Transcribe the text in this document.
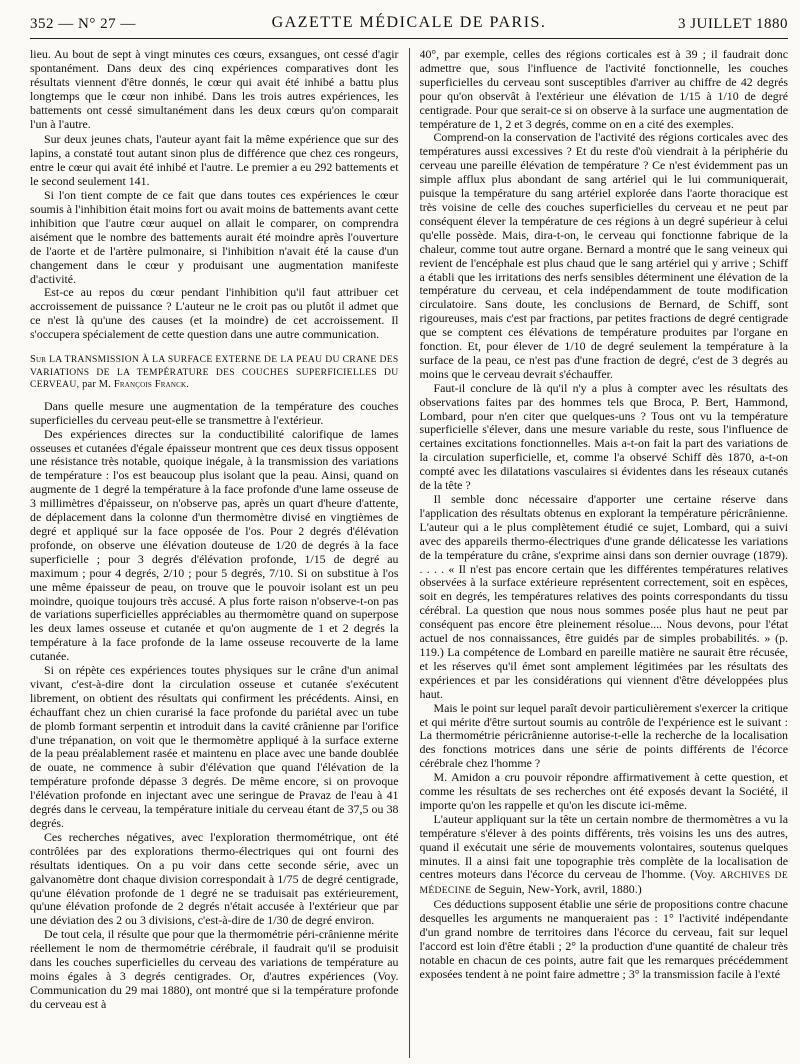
352 — N° 27 —	GAZETTE MÉDICALE DE PARIS.	3 JUILLET 1880

lieu. Au bout de sept à vingt minutes ces cœurs, exsangues, ont cessé d'agir spontanément. Dans deux des cinq expériences comparatives dont les résultats viennent d'être donnés, le cœur qui avait été inhibé a battu plus longtemps que le cœur non inhibé. Dans les trois autres expériences, les battements ont cessé simultanément dans les deux cœurs qu'on comparait l'un à l'autre.

Sur deux jeunes chats, l'auteur ayant fait la même expérience que sur des lapins, a constaté tout autant sinon plus de différence que chez ces rongeurs, entre le cœur qui avait été inhibé et l'autre. Le premier a eu 292 battements et le second seulement 141.

Si l'on tient compte de ce fait que dans toutes ces expériences le cœur soumis à l'inhibition était moins fort ou avait moins de battements avant cette inhibition que l'autre cœur auquel on allait le comparer, on comprendra aisément que le nombre des battements aurait été moindre après l'ouverture de l'aorte et de l'artère pulmonaire, si l'inhibition n'avait été la cause d'un changement dans le cœur y produisant une augmentation manifeste d'activité.

Est-ce au repos du cœur pendant l'inhibition qu'il faut attribuer cet accroissement de puissance ? L'auteur ne le croit pas ou plutôt il admet que ce n'est là qu'une des causes (et la moindre) de cet accroissement. Il s'occupera spécialement de cette question dans une autre communication.

Sur LA TRANSMISSION À LA SURFACE EXTERNE DE LA PEAU DU CRANE DES VARIATIONS DE LA TEMPÉRATURE DES COUCHES SUPERFICIELLES DU CERVEAU, par M. François Franck.

Dans quelle mesure une augmentation de la température des couches superficielles du cerveau peut-elle se transmettre à l'extérieur.

Des expériences directes sur la conductibilité calorifique de lames osseuses et cutanées d'égale épaisseur montrent que ces deux tissus opposent une résistance très notable, quoique inégale, à la transmission des variations de température : l'os est beaucoup plus isolant que la peau. Ainsi, quand on augmente de 1 degré la température à la face profonde d'une lame osseuse de 3 millimètres d'épaisseur, on n'observe pas, après un quart d'heure d'attente, de déplacement dans la colonne d'un thermomètre divisé en vingtièmes de degré et appliqué sur la face opposée de l'os. Pour 2 degrés d'élévation profonde, on observe une élévation douteuse de 1/20 de degrés à la face superficielle ; pour 3 degrés d'élévation profonde, 1/15 de degré au maximum ; pour 4 degrés, 2/10 ; pour 5 degrés, 7/10. Si on substitue à l'os une même épaisseur de peau, on trouve que le pouvoir isolant est un peu moindre, quoique toujours très accusé. A plus forte raison n'observe-t-on pas de variations superficielles appréciables au thermomètre quand on superpose les deux lames osseuse et cutanée et qu'on augmente de 1 et 2 degrés la température à la face profonde de la lame osseuse recouverte de la lame cutanée.

Si on répète ces expériences toutes physiques sur le crâne d'un animal vivant, c'est-à-dire dont la circulation osseuse et cutanée s'exécutent librement, on obtient des résultats qui confirment les précédents. Ainsi, en échauffant chez un chien curarisé la face profonde du pariétal avec un tube de plomb formant serpentin et introduit dans la cavité crânienne par l'orifice d'une trépanation, on voit que le thermomètre appliqué à la surface externe de la peau préalablement rasée et maintenu en place avec une bande doublée de ouate, ne commence à subir d'élévation que quand l'élévation de la température profonde dépasse 3 degrés. De même encore, si on provoque l'élévation profonde en injectant avec une seringue de Pravaz de l'eau à 41 degrés dans le cerveau, la température initiale du cerveau étant de 37,5 ou 38 degrés.

Ces recherches négatives, avec l'exploration thermométrique, ont été contrôlées par des explorations thermo-électriques qui ont fourni des résultats identiques. On a pu voir dans cette seconde série, avec un galvanomètre dont chaque division correspondait à 1/75 de degré centigrade, qu'une élévation profonde de 1 degré ne se traduisait pas extérieurement, qu'une élévation profonde de 2 degrés n'était accusée à l'extérieur que par une déviation des 2 ou 3 divisions, c'est-à-dire de 1/30 de degré environ.

De tout cela, il résulte que pour que la thermométrie péri-crânienne mérite réellement le nom de thermométrie cérébrale, il faudrait qu'il se produisit dans les couches superficielles du cerveau des variations de température au moins égales à 3 degrés centigrades. Or, d'autres expériences (Voy. Communication du 29 mai 1880), ont montré que si la température profonde du cerveau est à

40°, par exemple, celles des régions corticales est à 39 ; il faudrait donc admettre que, sous l'influence de l'activité fonctionnelle, les couches superficielles du cerveau sont susceptibles d'arriver au chiffre de 42 degrés pour qu'on observât à l'extérieur une élévation de 1/15 à 1/10 de degré centigrade. Pour que serait-ce si on observe à la surface une augmentation de température de 1, 2 et 3 degrés, comme on en a cité des exemples.

Comprend-on la conservation de l'activité des régions corticales avec des températures aussi excessives ? Et du reste d'où viendrait à la périphérie du cerveau une pareille élévation de température ? Ce n'est évidemment pas un simple afflux plus abondant de sang artériel qui le lui communiquerait, puisque la température du sang artériel explorée dans l'aorte thoracique est très voisine de celle des couches superficielles du cerveau et ne peut par conséquent élever la température de ces régions à un degré supérieur à celui qu'elle possède. Mais, dira-t-on, le cerveau qui fonctionne fabrique de la chaleur, comme tout autre organe. Bernard a montré que le sang veineux qui revient de l'encéphale est plus chaud que le sang artériel qui y arrive ; Schiff a établi que les irritations des nerfs sensibles déterminent une élévation de la température du cerveau, et cela indépendamment de toute modification circulatoire. Sans doute, les conclusions de Bernard, de Schiff, sont rigoureuses, mais c'est par fractions, par petites fractions de degré centigrade que se comptent ces élévations de température produites par l'organe en fonction. Et, pour élever de 1/10 de degré seulement la température à la surface de la peau, ce n'est pas d'une fraction de degré, c'est de 3 degrés au moins que le cerveau devrait s'échauffer.

Faut-il conclure de là qu'il n'y a plus à compter avec les résultats des observations faites par des hommes tels que Broca, P. Bert, Hammond, Lombard, pour n'en citer que quelques-uns ? Tous ont vu la température superficielle s'élever, dans une mesure variable du reste, sous l'influence de certaines excitations fonctionnelles. Mais a-t-on fait la part des variations de la circulation superficielle, et, comme l'a observé Schiff dès 1870, a-t-on compté avec les dilatations vasculaires si évidentes dans les réseaux cutanés de la tête ?

Il semble donc nécessaire d'apporter une certaine réserve dans l'application des résultats obtenus en explorant la température péricrânienne. L'auteur qui a le plus complètement étudié ce sujet, Lombard, qui a suivi avec des appareils thermo-électriques d'une grande délicatesse les variations de la température du crâne, s'exprime ainsi dans son dernier ouvrage (1879). . . . . « Il n'est pas encore certain que les différentes températures relatives observées à la surface extérieure représentent correctement, soit en espèces, soit en degrés, les températures relatives des points correspondants du tissu cérébral. La question que nous nous sommes posée plus haut ne peut par conséquent pas encore être pleinement résolue.... Nous devons, pour l'état actuel de nos connaissances, être guidés par de simples probabilités. » (p. 119.) La compétence de Lombard en pareille matière ne saurait être récusée, et les réserves qu'il émet sont amplement légitimées par les résultats des expériences et par les considérations qui viennent d'être développées plus haut.

Mais le point sur lequel paraît devoir particulièrement s'exercer la critique et qui mérite d'être surtout soumis au contrôle de l'expérience est le suivant : La thermométrie péricrânienne autorise-t-elle la recherche de la localisation des fonctions motrices dans une série de points différents de l'écorce cérébrale chez l'homme ?

M. Amidon a cru pouvoir répondre affirmativement à cette question, et comme les résultats de ses recherches ont été exposés devant la Société, il importe qu'on les rappelle et qu'on les discute ici-même.

L'auteur appliquant sur la tête un certain nombre de thermomètres a vu la température s'élever à des points différents, très voisins les uns des autres, quand il exécutait une série de mouvements volontaires, soutenus quelques minutes. Il a ainsi fait une topographie très complète de la localisation de centres moteurs dans l'écorce du cerveau de l'homme. (Voy. ARCHIVES DE MÉDECINE de Seguin, New-York, avril, 1880.)

Ces déductions supposent établie une série de propositions contre chacune desquelles les arguments ne manqueraient pas : 1° l'activité indépendante d'un grand nombre de territoires dans l'écorce du cerveau, fait sur lequel l'accord est loin d'être établi ; 2° la production d'une quantité de chaleur très notable en chacun de ces points, autre fait que les remarques précédemment exposées tendent à ne point faire admettre ; 3° la transmission facile à l'exté
